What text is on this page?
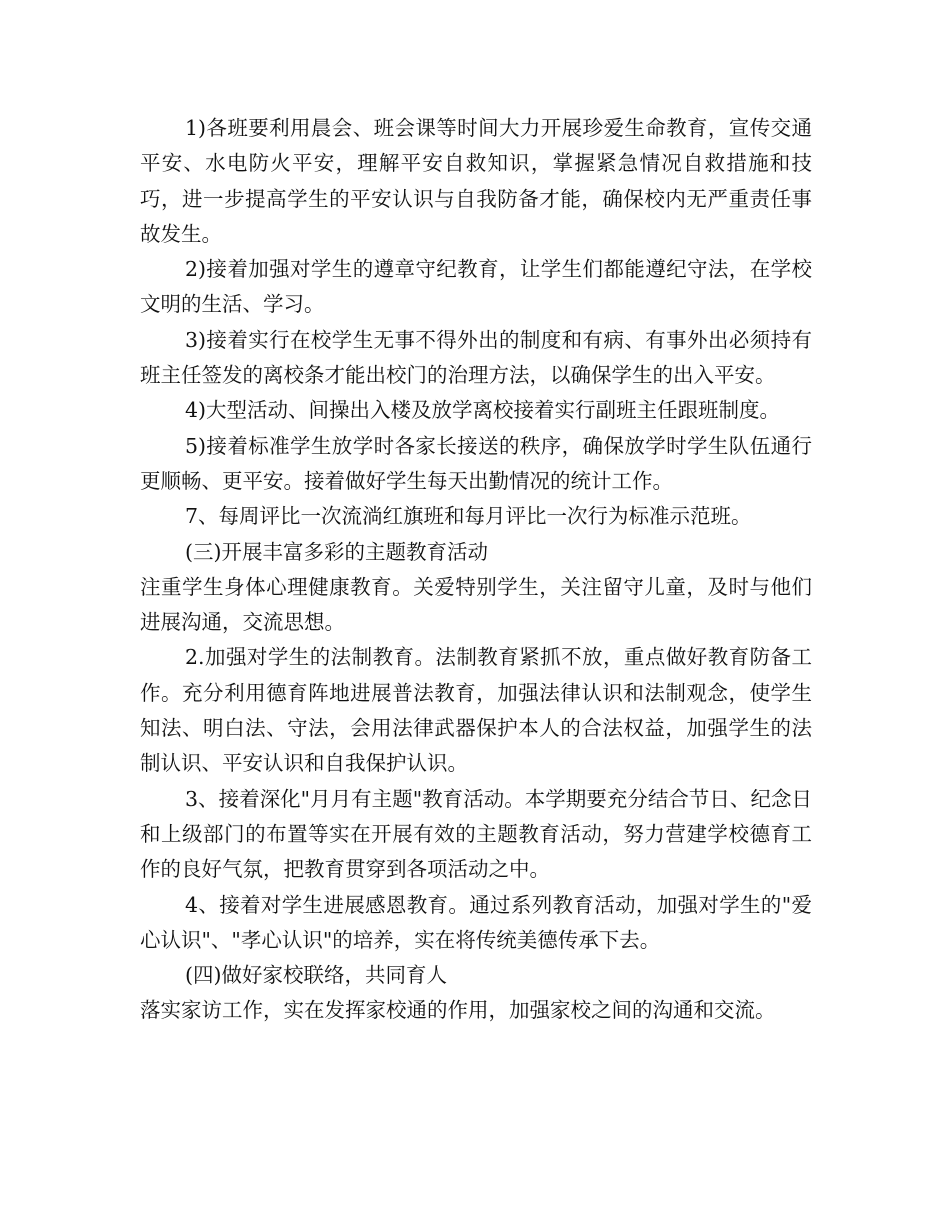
1)各班要利用晨会、班会课等时间大力开展珍爱生命教育，宣传交通平安、水电防火平安，理解平安自救知识，掌握紧急情况自救措施和技巧，进一步提高学生的平安认识与自我防备才能，确保校内无严重责任事故发生。

2)接着加强对学生的遵章守纪教育，让学生们都能遵纪守法，在学校文明的生活、学习。

3)接着实行在校学生无事不得外出的制度和有病、有事外出必须持有班主任签发的离校条才能出校门的治理方法，以确保学生的出入平安。

4)大型活动、间操出入楼及放学离校接着实行副班主任跟班制度。

5)接着标准学生放学时各家长接送的秩序，确保放学时学生队伍通行更顺畅、更平安。接着做好学生每天出勤情况的统计工作。

7、每周评比一次流淌红旗班和每月评比一次行为标准示范班。

(三)开展丰富多彩的主题教育活动

注重学生身体心理健康教育。关爱特别学生，关注留守儿童，及时与他们进展沟通，交流思想。

2.加强对学生的法制教育。法制教育紧抓不放，重点做好教育防备工作。充分利用德育阵地进展普法教育，加强法律认识和法制观念，使学生知法、明白法、守法，会用法律武器保护本人的合法权益，加强学生的法制认识、平安认识和自我保护认识。

3、接着深化"月月有主题"教育活动。本学期要充分结合节日、纪念日和上级部门的布置等实在开展有效的主题教育活动，努力营建学校德育工作的良好气氛，把教育贯穿到各项活动之中。

4、接着对学生进展感恩教育。通过系列教育活动，加强对学生的"爱心认识"、"孝心认识"的培养，实在将传统美德传承下去。

(四)做好家校联络，共同育人

落实家访工作，实在发挥家校通的作用，加强家校之间的沟通和交流。
